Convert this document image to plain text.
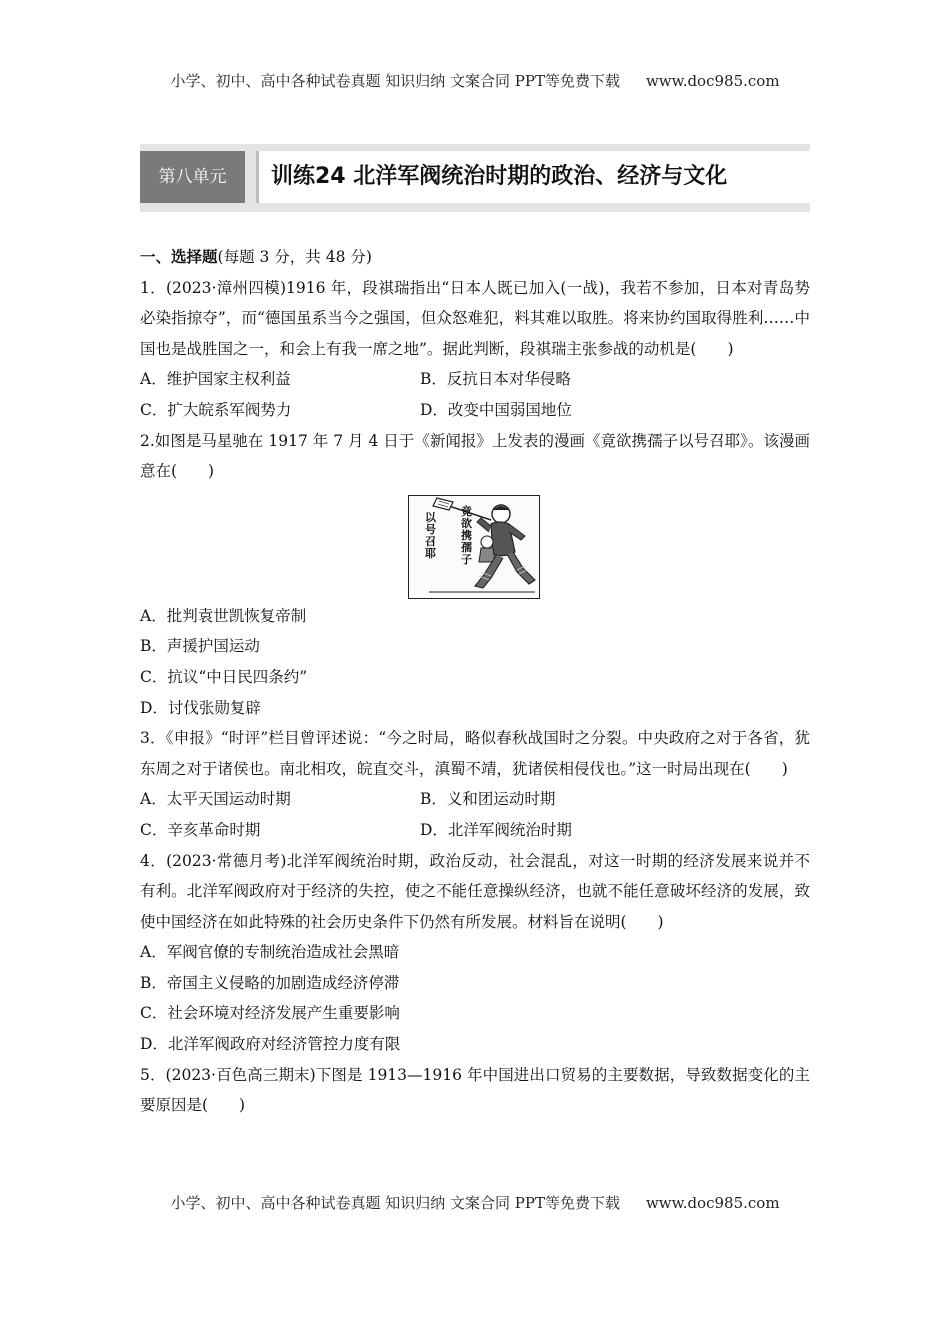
小学、初中、高中各种试卷真题 知识归纳 文案合同 PPT等免费下载 www.doc985.com
第八单元	训练24 北洋军阀统治时期的政治、经济与文化

一、选择题(每题 3 分，共 48 分)

1．(2023·漳州四模)1916 年，段祺瑞指出“日本人既已加入(一战)，我若不参加，日本对青岛势必染指掠夺”，而“德国虽系当今之强国，但众怒难犯，料其难以取胜。将来协约国取得胜利……中国也是战胜国之一，和会上有我一席之地”。据此判断，段祺瑞主张参战的动机是(　　)

A．维护国家主权利益	B．反抗日本对华侵略
C．扩大皖系军阀势力	D．改变中国弱国地位

2.如图是马星驰在 1917 年 7 月 4 日于《新闻报》上发表的漫画《竟欲携孺子以号召耶》。该漫画意在(　　)

竟欲携孺子
以号召耶

A．批判袁世凯恢复帝制

B．声援护国运动

C．抗议“中日民四条约”

D．讨伐张勋复辟

3．《申报》“时评”栏目曾评述说：“今之时局，略似春秋战国时之分裂。中央政府之对于各省，犹东周之对于诸侯也。南北相攻，皖直交斗，滇蜀不靖，犹诸侯相侵伐也。”这一时局出现在(　　)

A．太平天国运动时期	B．义和团运动时期
C．辛亥革命时期	D．北洋军阀统治时期

4．(2023·常德月考)北洋军阀统治时期，政治反动，社会混乱，对这一时期的经济发展来说并不有利。北洋军阀政府对于经济的失控，使之不能任意操纵经济，也就不能任意破坏经济的发展，致使中国经济在如此特殊的社会历史条件下仍然有所发展。材料旨在说明(　　)

A．军阀官僚的专制统治造成社会黑暗

B．帝国主义侵略的加剧造成经济停滞

C．社会环境对经济发展产生重要影响

D．北洋军阀政府对经济管控力度有限

5．(2023·百色高三期末)下图是 1913—1916 年中国进出口贸易的主要数据，导致数据变化的主要原因是(　　)

小学、初中、高中各种试卷真题 知识归纳 文案合同 PPT等免费下载 www.doc985.com
